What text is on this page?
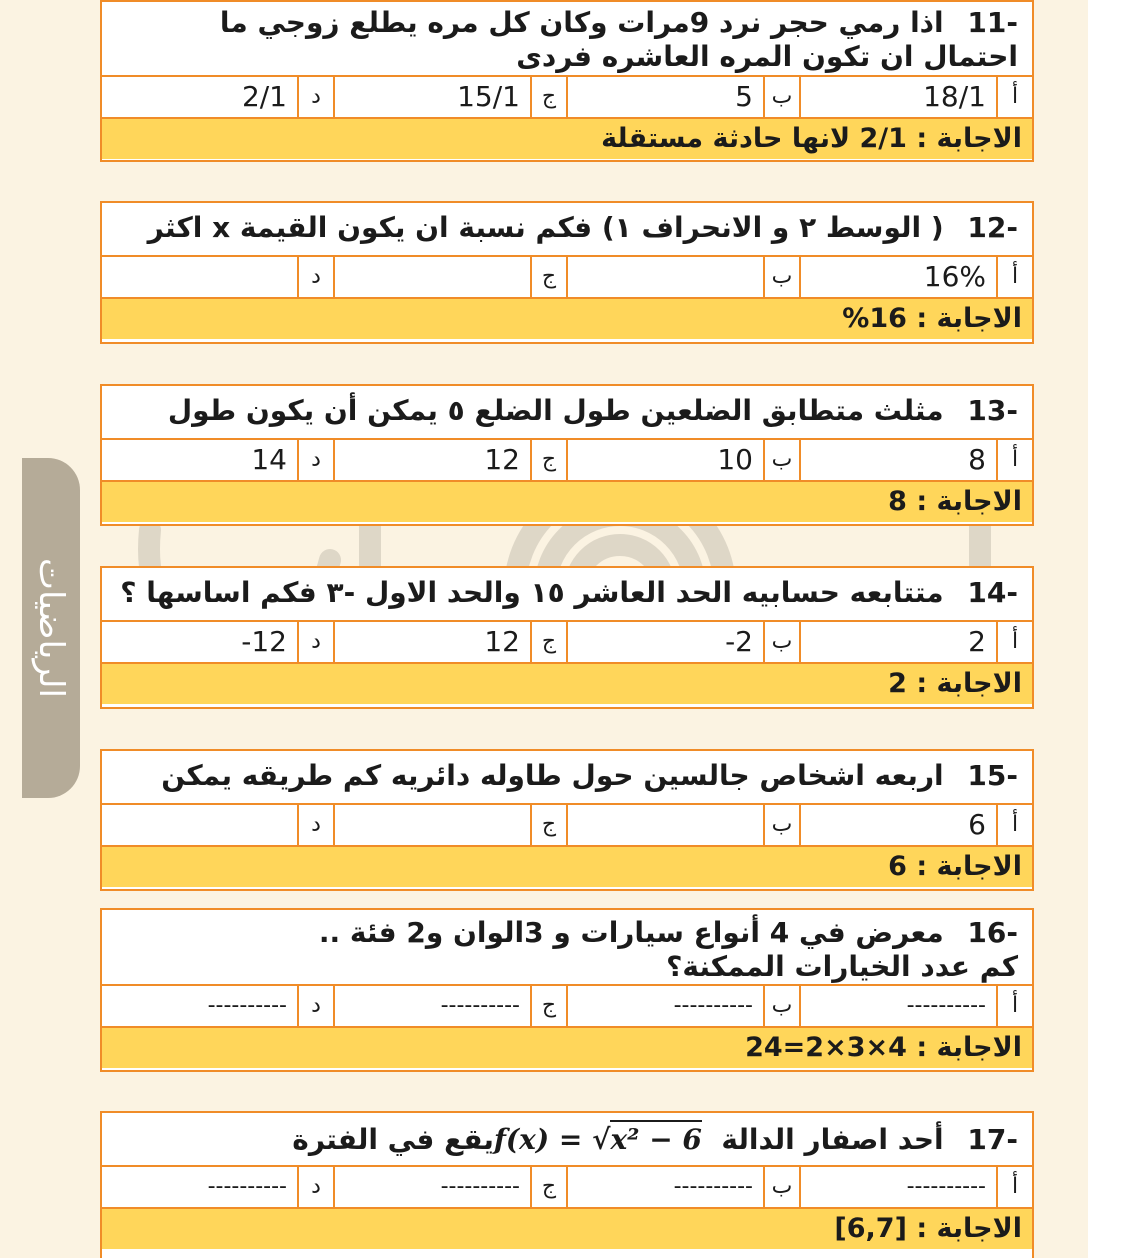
الرياضيات
-11 اذا رمي حجر نرد 9مرات وكان كل مره يطلع زوجي ما احتمال ان تكون المره العاشره فردى
أ
18/1
ب
5
ج
15/1
د
2/1
الاجابة : 2/1 لانها حادثة مستقلة
-12 ( الوسط ٢ و الانحراف ١) فكم نسبة ان يكون القيمة x اكثر
أ
16%
ب
ج
د
الاجابة : 16%
-13 مثلث متطابق الضلعين طول الضلع ٥ يمكن أن يكون طول
أ
8
ب
10
ج
12
د
14
الاجابة : 8
-14 متتابعه حسابيه الحد العاشر ١٥ والحد الاول -٣ فكم اساسها ؟
أ
2
ب
-2
ج
12
د
-12
الاجابة : 2
-15 اربعه اشخاص جالسين حول طاوله دائريه كم طريقه يمكن
أ
6
ب
ج
د
الاجابة : 6
-16 معرض في 4 أنواع سيارات و 3الوان و2 فئة ..
كم عدد الخيارات الممكنة؟
أ
----------
ب
----------
ج
----------
د
----------
الاجابة : 4×3×2=24
-17 أحد اصفار الدالة f(x) = √x² − 6 يقع في الفترة
أ
----------
ب
----------
ج
----------
د
----------
الاجابة : [6,7]
